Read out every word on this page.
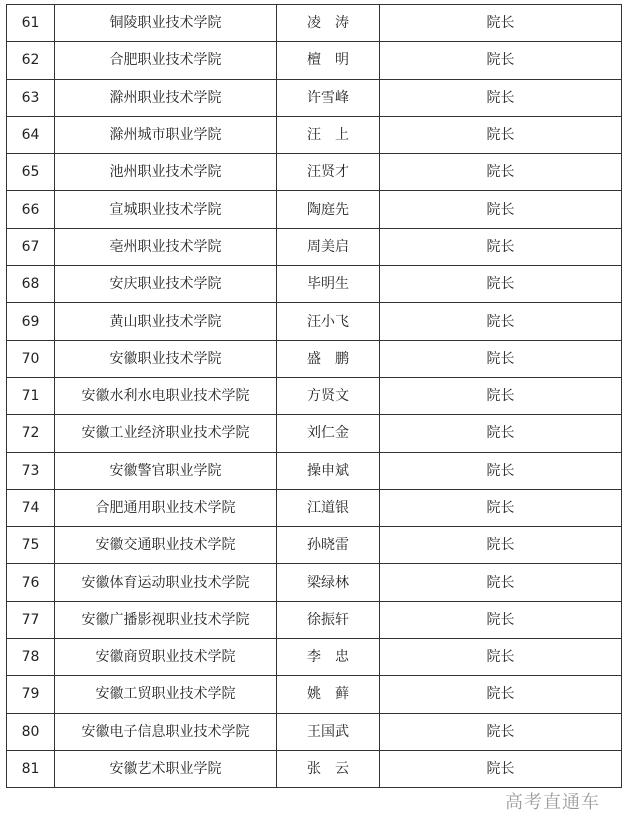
61	铜陵职业技术学院	凌　涛	院长
62	合肥职业技术学院	檀　明	院长
63	滁州职业技术学院	许雪峰	院长
64	滁州城市职业学院	汪　上	院长
65	池州职业技术学院	汪贤才	院长
66	宣城职业技术学院	陶庭先	院长
67	亳州职业技术学院	周美启	院长
68	安庆职业技术学院	毕明生	院长
69	黄山职业技术学院	汪小飞	院长
70	安徽职业技术学院	盛　鹏	院长
71	安徽水利水电职业技术学院	方贤文	院长
72	安徽工业经济职业技术学院	刘仁金	院长
73	安徽警官职业学院	操申斌	院长
74	合肥通用职业技术学院	江道银	院长
75	安徽交通职业技术学院	孙晓雷	院长
76	安徽体育运动职业技术学院	梁绿林	院长
77	安徽广播影视职业技术学院	徐振轩	院长
78	安徽商贸职业技术学院	李　忠	院长
79	安徽工贸职业技术学院	姚　藓	院长
80	安徽电子信息职业技术学院	王国武	院长
81	安徽艺术职业学院	张　云	院长
高考直通车
